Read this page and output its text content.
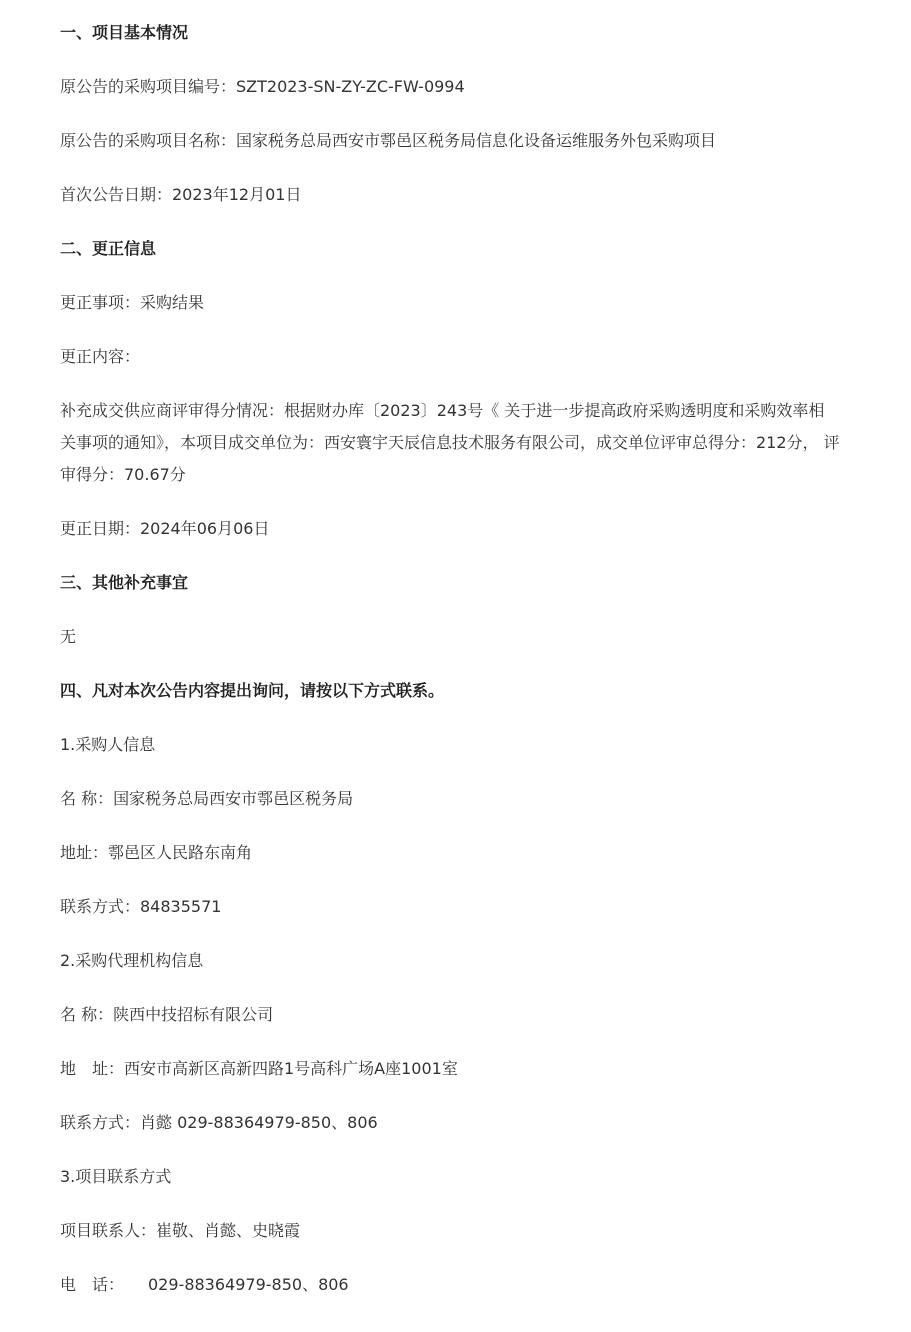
一、项目基本情况

原公告的采购项目编号：SZT2023-SN-ZY-ZC-FW-0994

原公告的采购项目名称：国家税务总局西安市鄠邑区税务局信息化设备运维服务外包采购项目

首次公告日期：2023年12月01日

二、更正信息

更正事项：采购结果

更正内容：

补充成交供应商评审得分情况：根据财办库〔2023〕243号《 关于进一步提高政府采购透明度和采购效率相关事项的通知》，本项目成交单位为：西安寰宇天辰信息技术服务有限公司，成交单位评审总得分：212分， 评审得分：70.67分

更正日期：2024年06月06日

三、其他补充事宜

无

四、凡对本次公告内容提出询问，请按以下方式联系。

1.采购人信息

名 称：国家税务总局西安市鄠邑区税务局

地址：鄠邑区人民路东南角

联系方式：84835571

2.采购代理机构信息

名 称：陕西中技招标有限公司

地　址：西安市高新区高新四路1号高科广场A座1001室

联系方式：肖懿 029-88364979-850、806

3.项目联系方式

项目联系人：崔敬、肖懿、史晓霞

电　话：　　029-88364979-850、806
